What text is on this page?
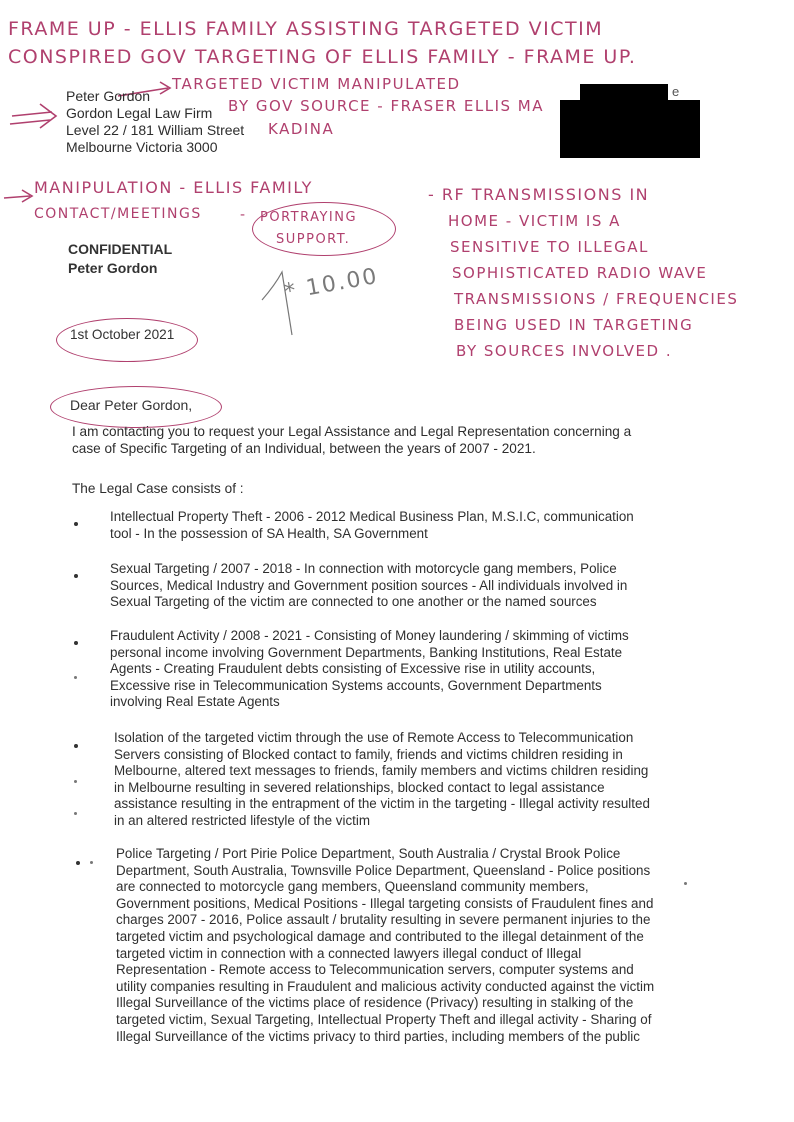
FRAME UP - ELLIS FAMILY ASSISTING TARGETED VICTIM
CONSPIRED GOV TARGETING OF ELLIS FAMILY - FRAME UP.
TARGETED VICTIM MANIPULATED
BY GOV SOURCE - FRASER ELLIS MA
KADINA
Peter Gordon
Gordon Legal Law Firm
Level 22 / 181 William Street
Melbourne Victoria 3000
e
MANIPULATION - ELLIS FAMILY
CONTACT/MEETINGS	- PORTRAYING
SUPPORT.
- RF TRANSMISSIONS IN
HOME - VICTIM IS A
SENSITIVE TO ILLEGAL
SOPHISTICATED RADIO WAVE
TRANSMISSIONS / FREQUENCIES
BEING USED IN TARGETING
BY SOURCES INVOLVED .
CONFIDENTIAL
Peter Gordon	* 10.00
1st October 2021
Dear Peter Gordon,
I am contacting you to request your Legal Assistance and Legal Representation concerning a
case of Specific Targeting of an Individual, between the years of 2007 - 2021.
The Legal Case consists of :
Intellectual Property Theft - 2006 - 2012 Medical Business Plan, M.S.I.C, communication
tool - In the possession of SA Health, SA Government
Sexual Targeting / 2007 - 2018 - In connection with motorcycle gang members, Police
Sources, Medical Industry and Government position sources - All individuals involved in
Sexual Targeting of the victim are connected to one another or the named sources
Fraudulent Activity / 2008 - 2021 - Consisting of Money laundering / skimming of victims
personal income involving Government Departments, Banking Institutions, Real Estate
Agents - Creating Fraudulent debts consisting of Excessive rise in utility accounts,
Excessive rise in Telecommunication Systems accounts, Government Departments
involving Real Estate Agents
Isolation of the targeted victim through the use of Remote Access to Telecommunication
Servers consisting of Blocked contact to family, friends and victims children residing in
Melbourne, altered text messages to friends, family members and victims children residing
in Melbourne resulting in severed relationships, blocked contact to legal assistance
assistance resulting in the entrapment of the victim in the targeting - Illegal activity resulted
in an altered restricted lifestyle of the victim
Police Targeting / Port Pirie Police Department, South Australia / Crystal Brook Police
Department, South Australia, Townsville Police Department, Queensland - Police positions
are connected to motorcycle gang members, Queensland community members,
Government positions, Medical Positions - Illegal targeting consists of Fraudulent fines and
charges 2007 - 2016, Police assault / brutality resulting in severe permanent injuries to the
targeted victim and psychological damage and contributed to the illegal detainment of the
targeted victim in connection with a connected lawyers illegal conduct of Illegal
Representation - Remote access to Telecommunication servers, computer systems and
utility companies resulting in Fraudulent and malicious activity conducted against the victim
Illegal Surveillance of the victims place of residence (Privacy) resulting in stalking of the
targeted victim, Sexual Targeting, Intellectual Property Theft and illegal activity - Sharing of
Illegal Surveillance of the victims privacy to third parties, including members of the public
